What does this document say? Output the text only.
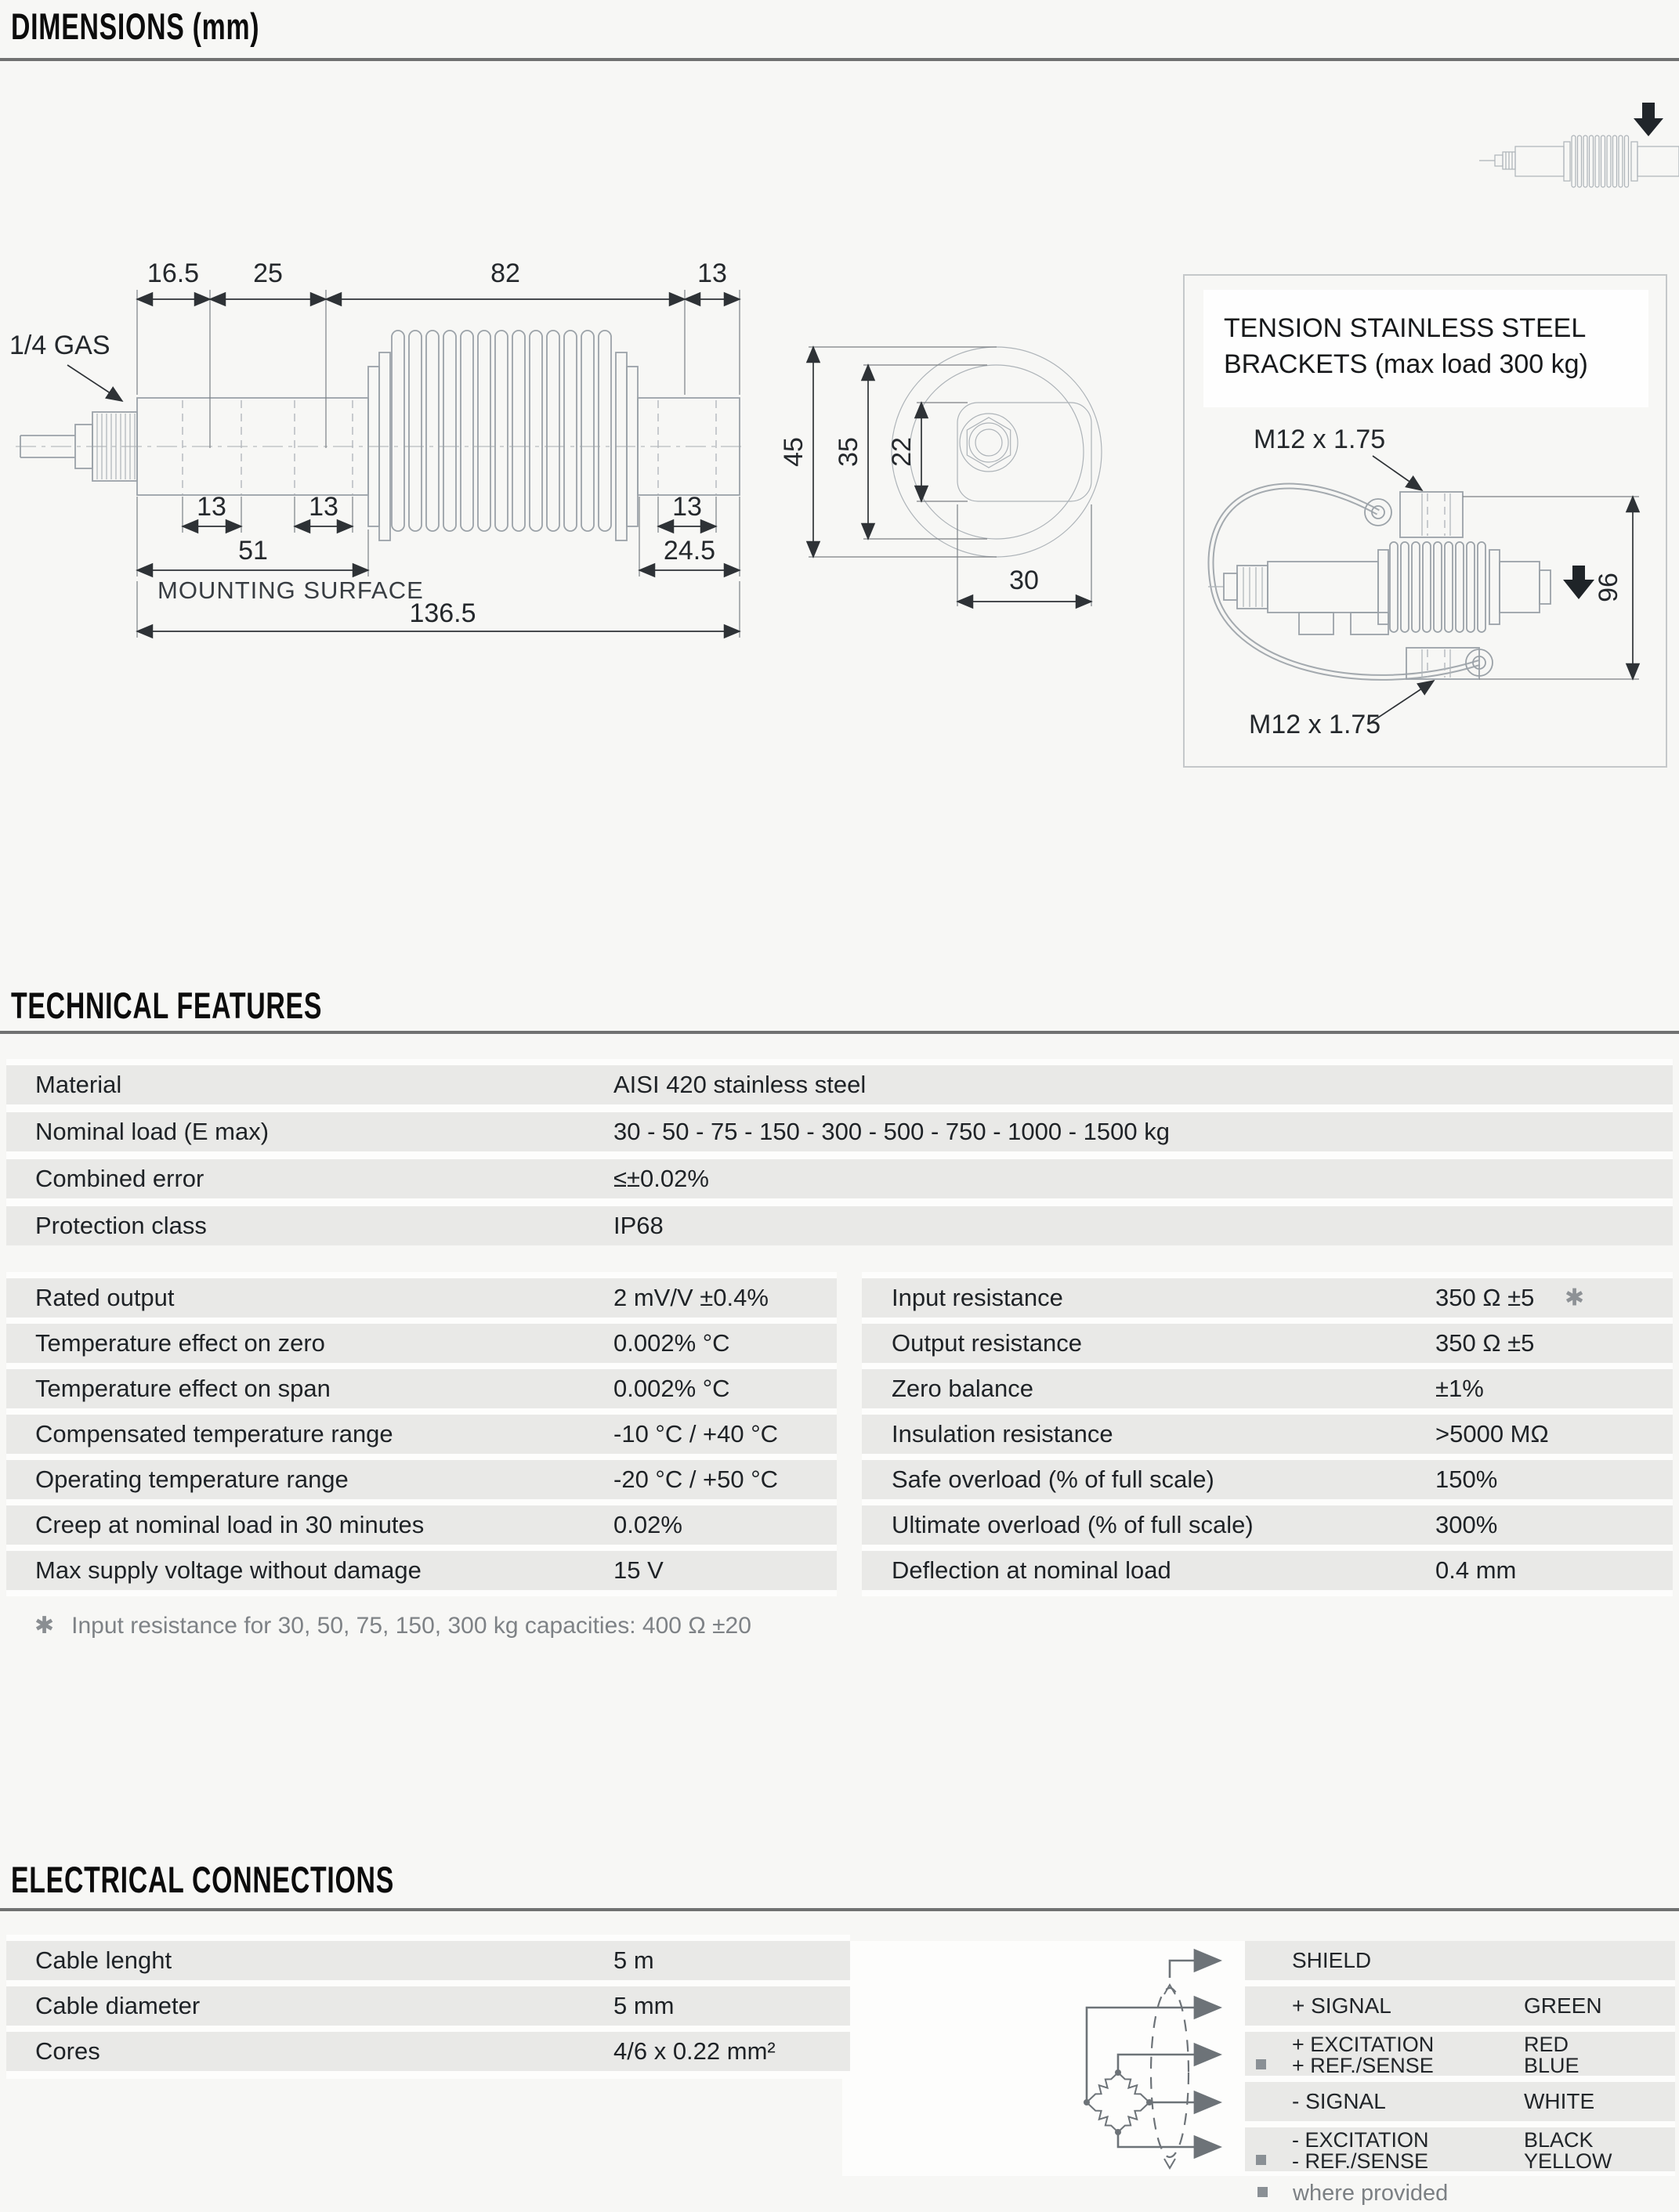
DIMENSIONS (mm)
16.5 25	82	13
1/4 GAS
13	13	13
51	24.5
MOUNTING SURFACE
136.5
45 35 22
30
TENSION STAINLESS STEEL
BRACKETS (max load 300 kg)
M12 x 1.75
M12 x 1.75
96
TECHNICAL FEATURES
Material	AISI 420 stainless steel
Nominal load (E max)	30 - 50 - 75 - 150 - 300 - 500 - 750 - 1000 - 1500 kg
Combined error	≤±0.02%
Protection class	IP68
Rated output	2 mV/V ±0.4%
Temperature effect on zero	0.002% °C
Temperature effect on span	0.002% °C
Compensated temperature range	-10 °C / +40 °C
Operating temperature range	-20 °C / +50 °C
Creep at nominal load in 30 minutes	0.02%
Max supply voltage without damage	15 V
Input resistance	350 Ω ±5 ✱
Output resistance	350 Ω ±5
Zero balance	±1%
Insulation resistance	>5000 MΩ
Safe overload (% of full scale)	150%
Ultimate overload (% of full scale)	300%
Deflection at nominal load	0.4 mm
✱ Input resistance for 30, 50, 75, 150, 300 kg capacities: 400 Ω ±20
ELECTRICAL CONNECTIONS
Cable lenght	5 m
Cable diameter	5 mm
Cores	4/6 x 0.22 mm²
SHIELD
+ SIGNAL	GREEN
+ EXCITATION	RED
+ REF./SENSE	BLUE
- SIGNAL	WHITE
- EXCITATION	BLACK
- REF./SENSE	YELLOW
where provided
